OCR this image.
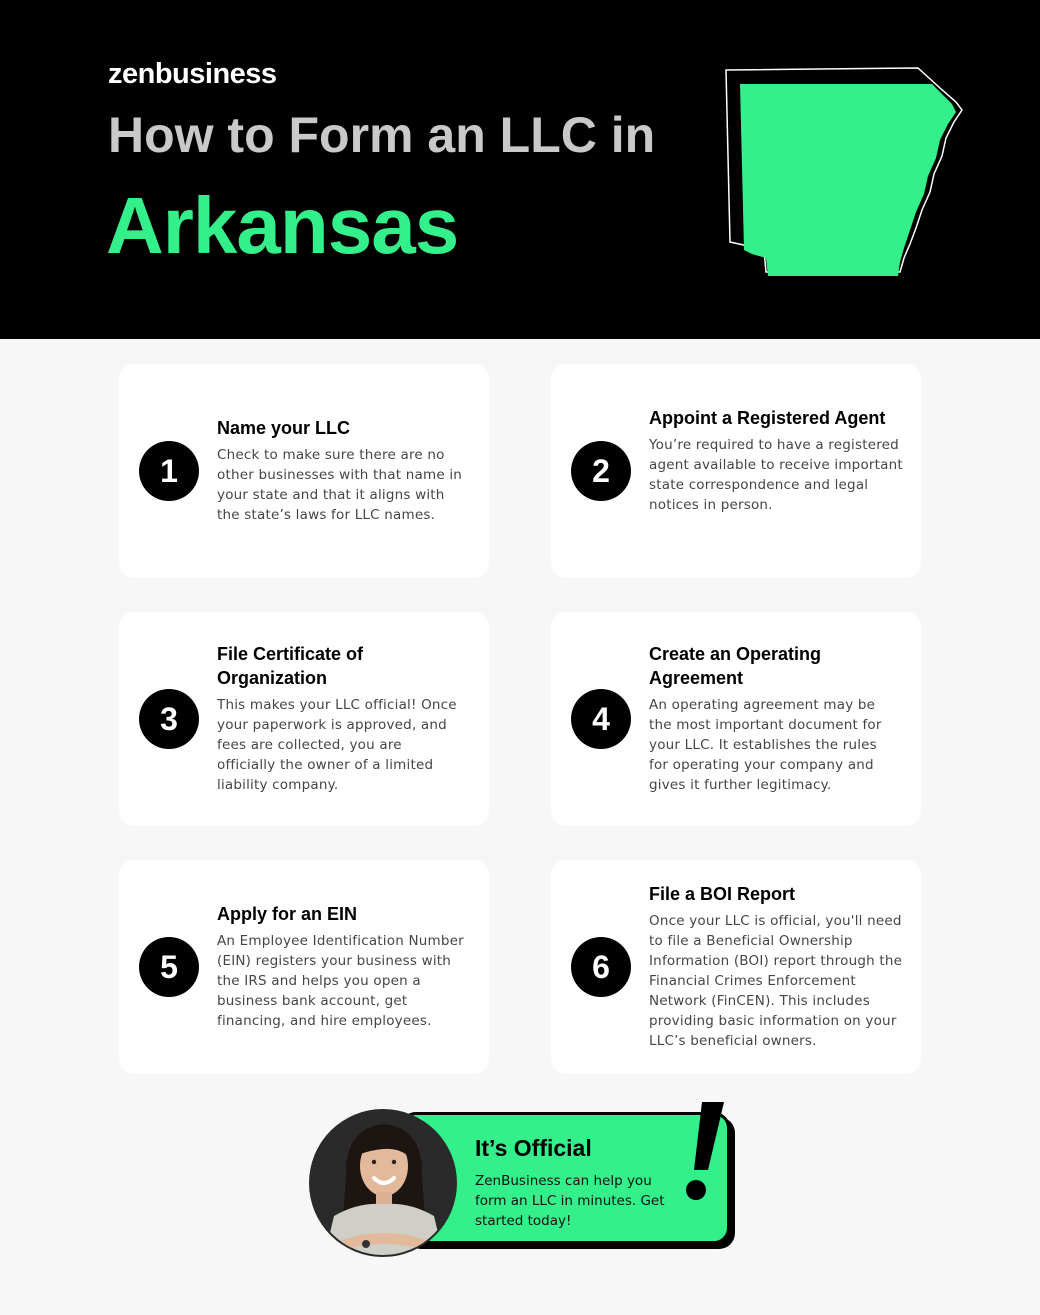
zenbusiness
How to Form an LLC in
Arkansas
1
Name your LLC
Check to make sure there are no other businesses with that name in your state and that it aligns with the state’s laws for LLC names.
2
Appoint a Registered Agent
You’re required to have a registered agent available to receive important state correspondence and legal notices in person.
3
File Certificate of Organization
This makes your LLC official! Once your paperwork is approved, and fees are collected, you are officially the owner of a limited liability company.
4
Create an Operating Agreement
An operating agreement may be the most important document for your LLC. It establishes the rules for operating your company and gives it further legitimacy.
5
Apply for an EIN
An Employee Identification Number (EIN) registers your business with the IRS and helps you open a business bank account, get financing, and hire employees.
6
File a BOI Report
Once your LLC is official, you'll need to file a Beneficial Ownership Information (BOI) report through the Financial Crimes Enforcement Network (FinCEN). This includes providing basic information on your LLC’s beneficial owners.
It’s Official
ZenBusiness can help you form an LLC in minutes. Get started today!
